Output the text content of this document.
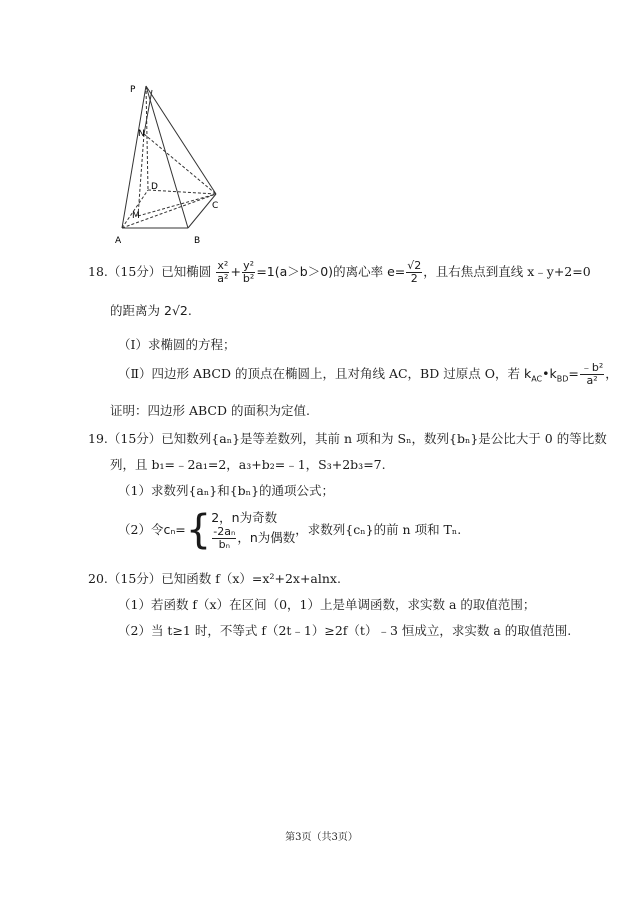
P
N
D
M
C
A	B
18.（15分）已知椭圆 $\frac{\text{x²}}{\text{a²}} + \frac{\text{y²}}{\text{b²}} =1(a>b>0)$的离心率 $e= \frac{√2}{2}$ ，且右焦点到直线 x﹣y+2=0
的距离为 2√2.
（Ⅰ）求椭圆的方程；
（Ⅱ）四边形 ABCD 的顶点在椭圆上，且对角线 AC，BD 过原点 O，若 $k_{AC}•k_{BD}= \frac{\text{﹣b²}}{\text{a²}}$ ，
证明：四边形 ABCD 的面积为定值.
19.（15分）已知数列{aₙ}是等差数列，其前 n 项和为 Sₙ，数列{bₙ}是公比大于 0 的等比数
列，且 b₁=﹣2a₁=2，a₃+b₂=﹣1，S₃+2b₃=7.
（1）求数列{aₙ}和{bₙ}的通项公式；
（2）令cₙ={ 2，n为奇数
$\frac{\text{-2aₙ}}{\text{bₙ}}$ ，n为偶数 ，求数列{cₙ}的前 n 项和 Tₙ.
20.（15分）已知函数 f（x）=x²+2x+alnx.
（1）若函数 f（x）在区间（0，1）上是单调函数，求实数 a 的取值范围；
（2）当 t≥1 时，不等式 f（2t﹣1）≥2f（t）﹣3 恒成立，求实数 a 的取值范围.
第3页（共3页）
